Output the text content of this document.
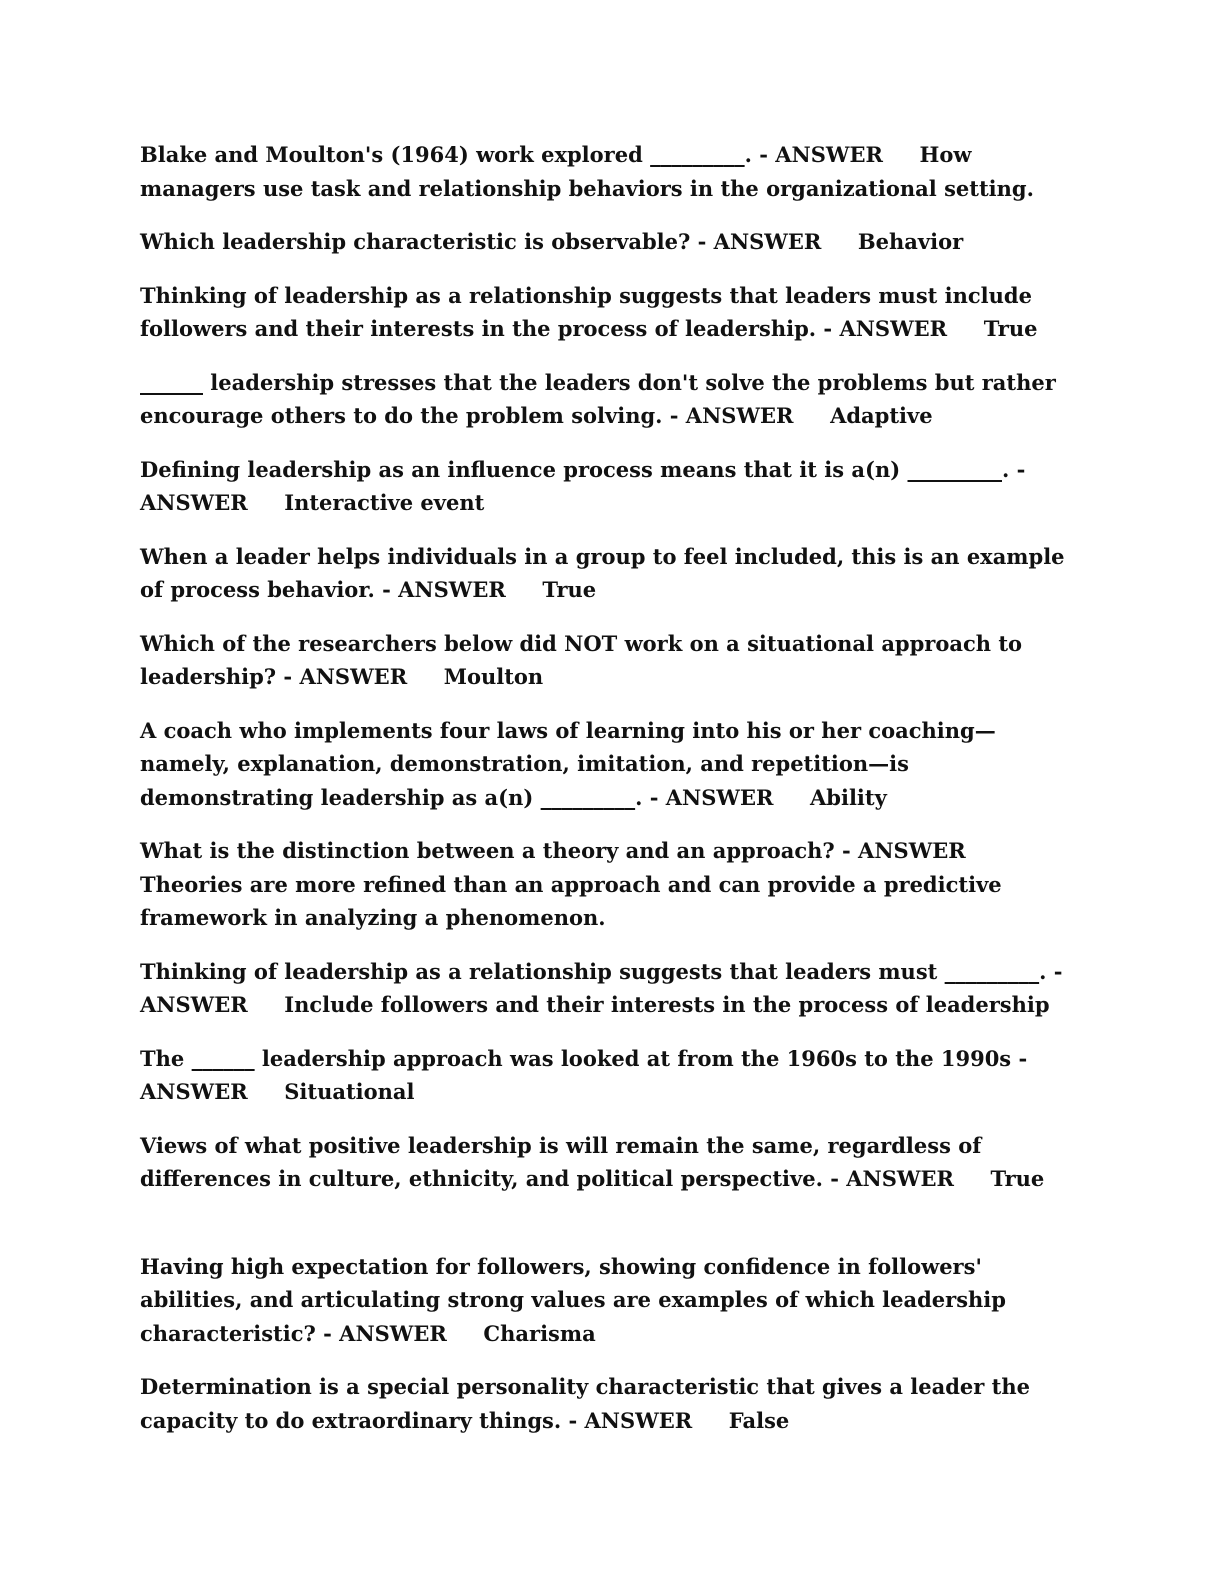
Blake and Moulton's (1964) work explored _________. - ANSWER How managers use task and relationship behaviors in the organizational setting.

Which leadership characteristic is observable? - ANSWER Behavior

Thinking of leadership as a relationship suggests that leaders must include followers and their interests in the process of leadership. - ANSWER True

______ leadership stresses that the leaders don't solve the problems but rather encourage others to do the problem solving. - ANSWER Adaptive

Defining leadership as an influence process means that it is a(n) _________. - ANSWER Interactive event

When a leader helps individuals in a group to feel included, this is an example of process behavior. - ANSWER True

Which of the researchers below did NOT work on a situational approach to leadership? - ANSWER Moulton

A coach who implements four laws of learning into his or her coaching—namely, explanation, demonstration, imitation, and repetition—is demonstrating leadership as a(n) _________. - ANSWER Ability

What is the distinction between a theory and an approach? - ANSWER     Theories are more refined than an approach and can provide a predictive framework in analyzing a phenomenon.

Thinking of leadership as a relationship suggests that leaders must _________. - ANSWER Include followers and their interests in the process of leadership

The ______ leadership approach was looked at from the 1960s to the 1990s - ANSWER Situational

Views of what positive leadership is will remain the same, regardless of differences in culture, ethnicity, and political perspective. - ANSWER True

Having high expectation for followers, showing confidence in followers' abilities, and articulating strong values are examples of which leadership characteristic? - ANSWER Charisma

Determination is a special personality characteristic that gives a leader the capacity to do extraordinary things. - ANSWER False
